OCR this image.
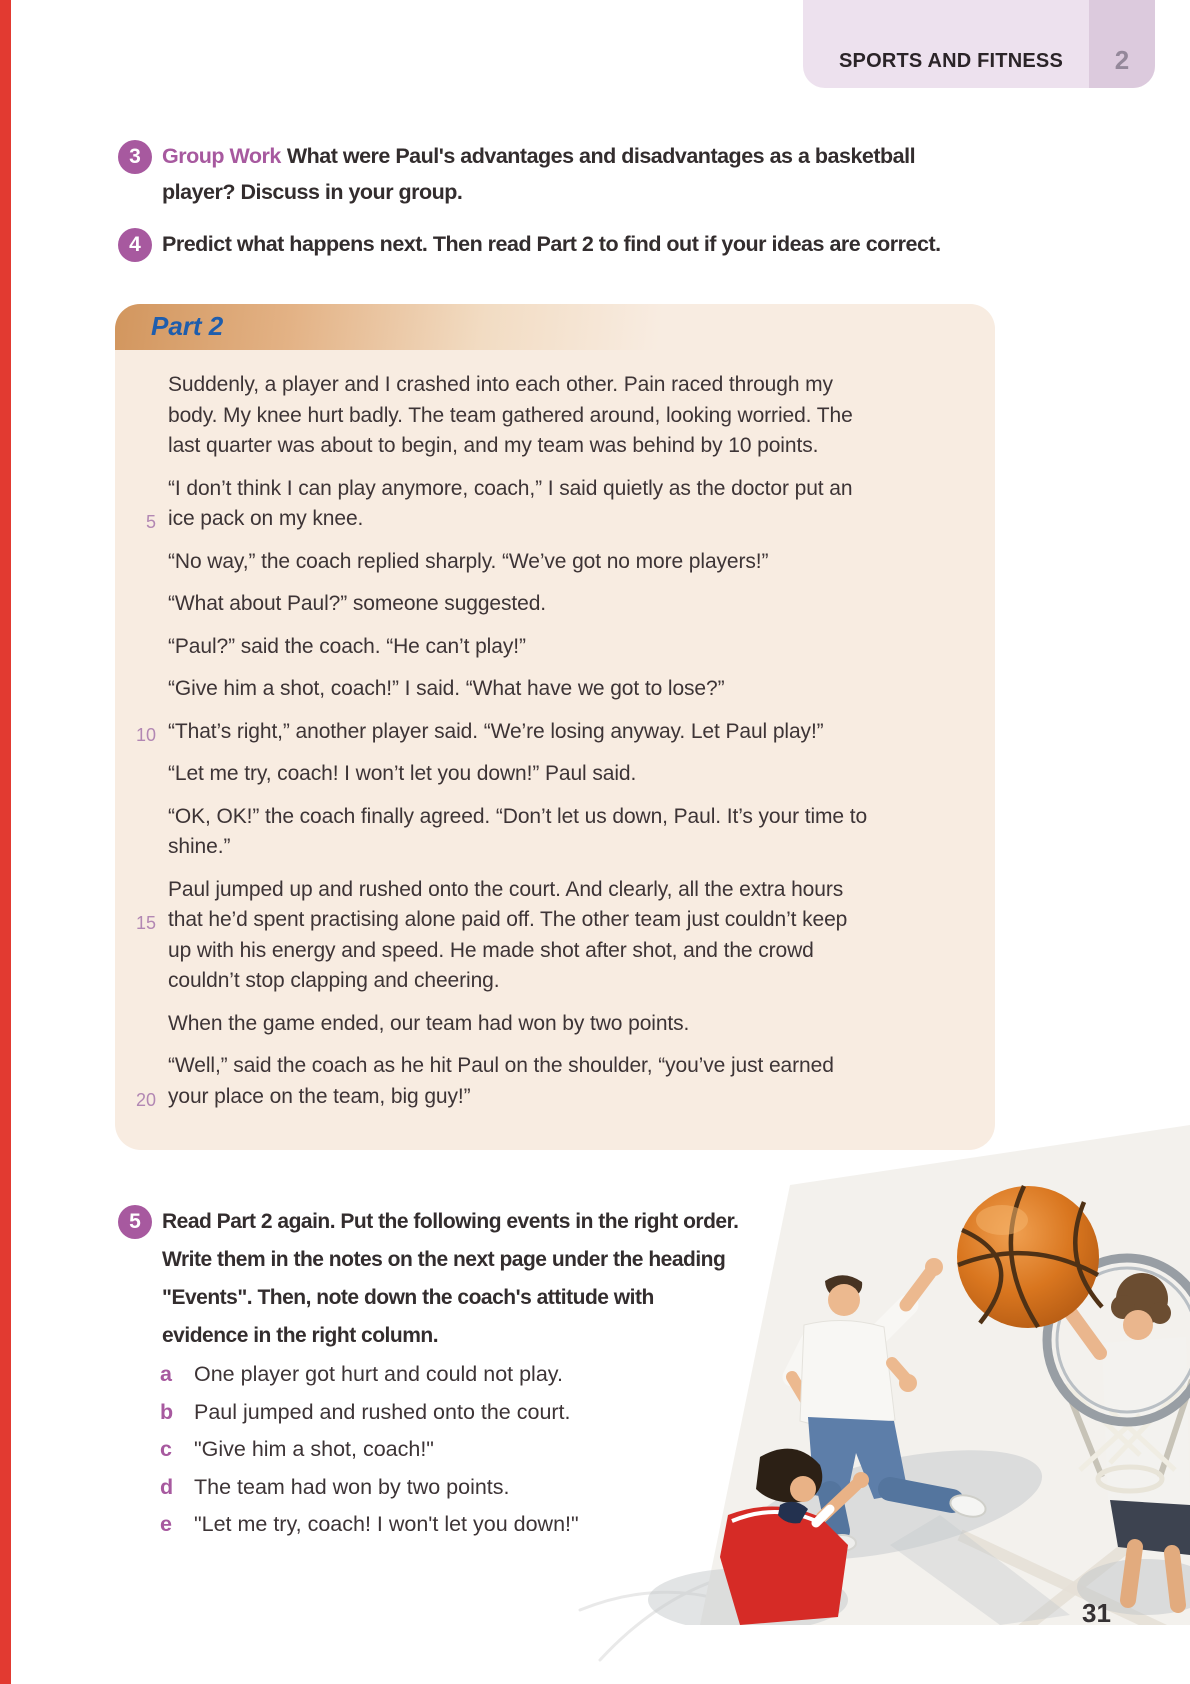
SPORTS AND FITNESS 2
3 Group Work What were Paul's advantages and disadvantages as a basketball
player? Discuss in your group.
4 Predict what happens next. Then read Part 2 to find out if your ideas are correct.
Part 2
Suddenly, a player and I crashed into each other. Pain raced through my
body. My knee hurt badly. The team gathered around, looking worried. The
last quarter was about to begin, and my team was behind by 10 points.
“I don’t think I can play anymore, coach,” I said quietly as the doctor put an
5 ice pack on my knee.
“No way,” the coach replied sharply. “We’ve got no more players!”
“What about Paul?” someone suggested.
“Paul?” said the coach. “He can’t play!”
“Give him a shot, coach!” I said. “What have we got to lose?”
10 “That’s right,” another player said. “We’re losing anyway. Let Paul play!”
“Let me try, coach! I won’t let you down!” Paul said.
“OK, OK!” the coach finally agreed. “Don’t let us down, Paul. It’s your time to
shine.”
Paul jumped up and rushed onto the court. And clearly, all the extra hours
15 that he’d spent practising alone paid off. The other team just couldn’t keep
up with his energy and speed. He made shot after shot, and the crowd
couldn’t stop clapping and cheering.
When the game ended, our team had won by two points.
“Well,” said the coach as he hit Paul on the shoulder, “you’ve just earned
20 your place on the team, big guy!”
5	Read Part 2 again. Put the following events in the right order.
Write them in the notes on the next page under the heading
"Events". Then, note down the coach's attitude with
evidence in the right column.
a One player got hurt and could not play.
b Paul jumped and rushed onto the court.
c "Give him a shot, coach!"
d The team had won by two points.
e "Let me try, coach! I won't let you down!"
31
